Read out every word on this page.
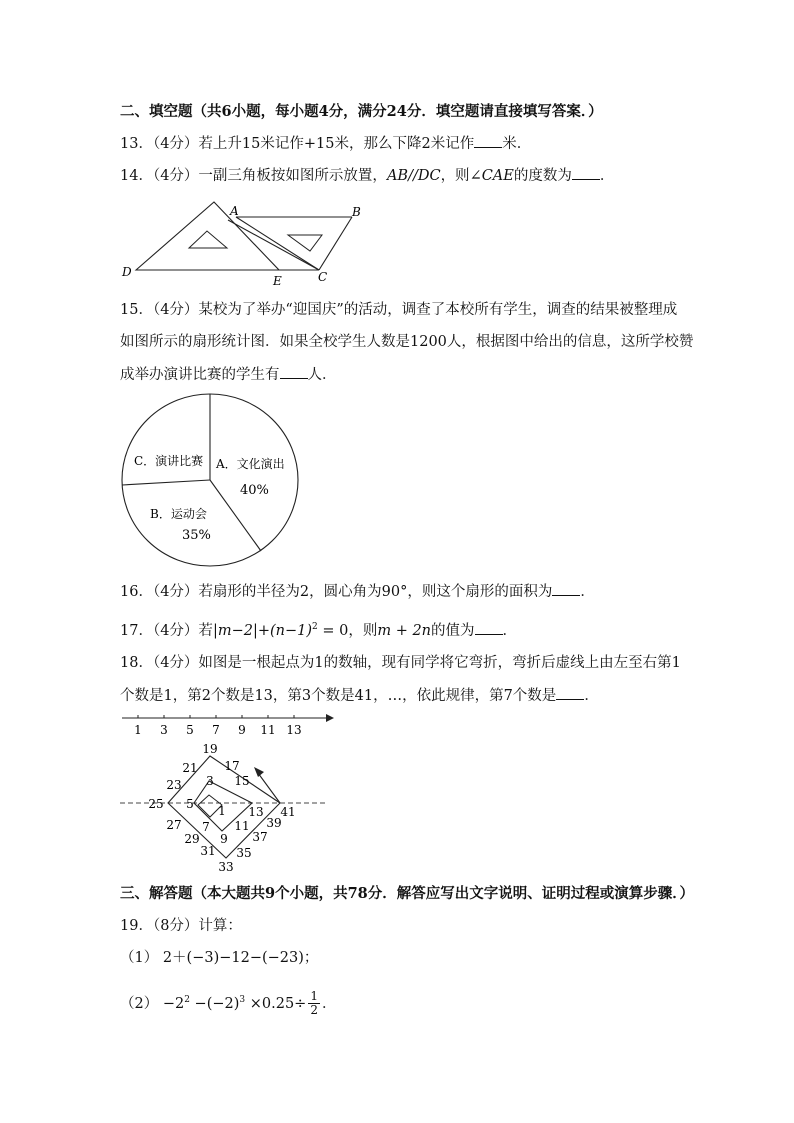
二、填空题（共6小题，每小题4分，满分24分．填空题请直接填写答案．）
13．（4分）若上升15米记作+15米，那么下降2米记作 米．
14．（4分）一副三角板按如图所示放置，AB//DC，则∠CAE的度数为 ．
A	B
C
D
E
15．（4分）某校为了举办“迎国庆”的活动，调查了本校所有学生，调查的结果被整理成
如图所示的扇形统计图．如果全校学生人数是1200人，根据图中给出的信息，这所学校赞
成举办演讲比赛的学生有 人．
C．演讲比赛 A．文化演出
40%
B．运动会
35%
16．（4分）若扇形的半径为2，圆心角为90°，则这个扇形的面积为 ．
17．（4分）若$|m-2|+(n-1)^2 = 0$，则m + 2n的值为 ．
18．（4分）如图是一根起点为1的数轴，现有同学将它弯折，弯折后虚线上由左至右第1
个数是1，第2个数是13，第3个数是41，…，依此规律，第7个数是 ．
1 3 5 7 9 11 13
19
17
21
15
3
23
25 5
13 41
1
11 39
27 7
37
29 9
31 35
33
三、解答题（本大题共9个小题，共78分．解答应写出文字说明、证明过程或演算步骤．）
19．（8分）计算：
（1） 2＋(−3)−12−(−23)；
$(2) -2^2 -(-2)^3 \times 0.25\div \frac{1}{2}$ ．
